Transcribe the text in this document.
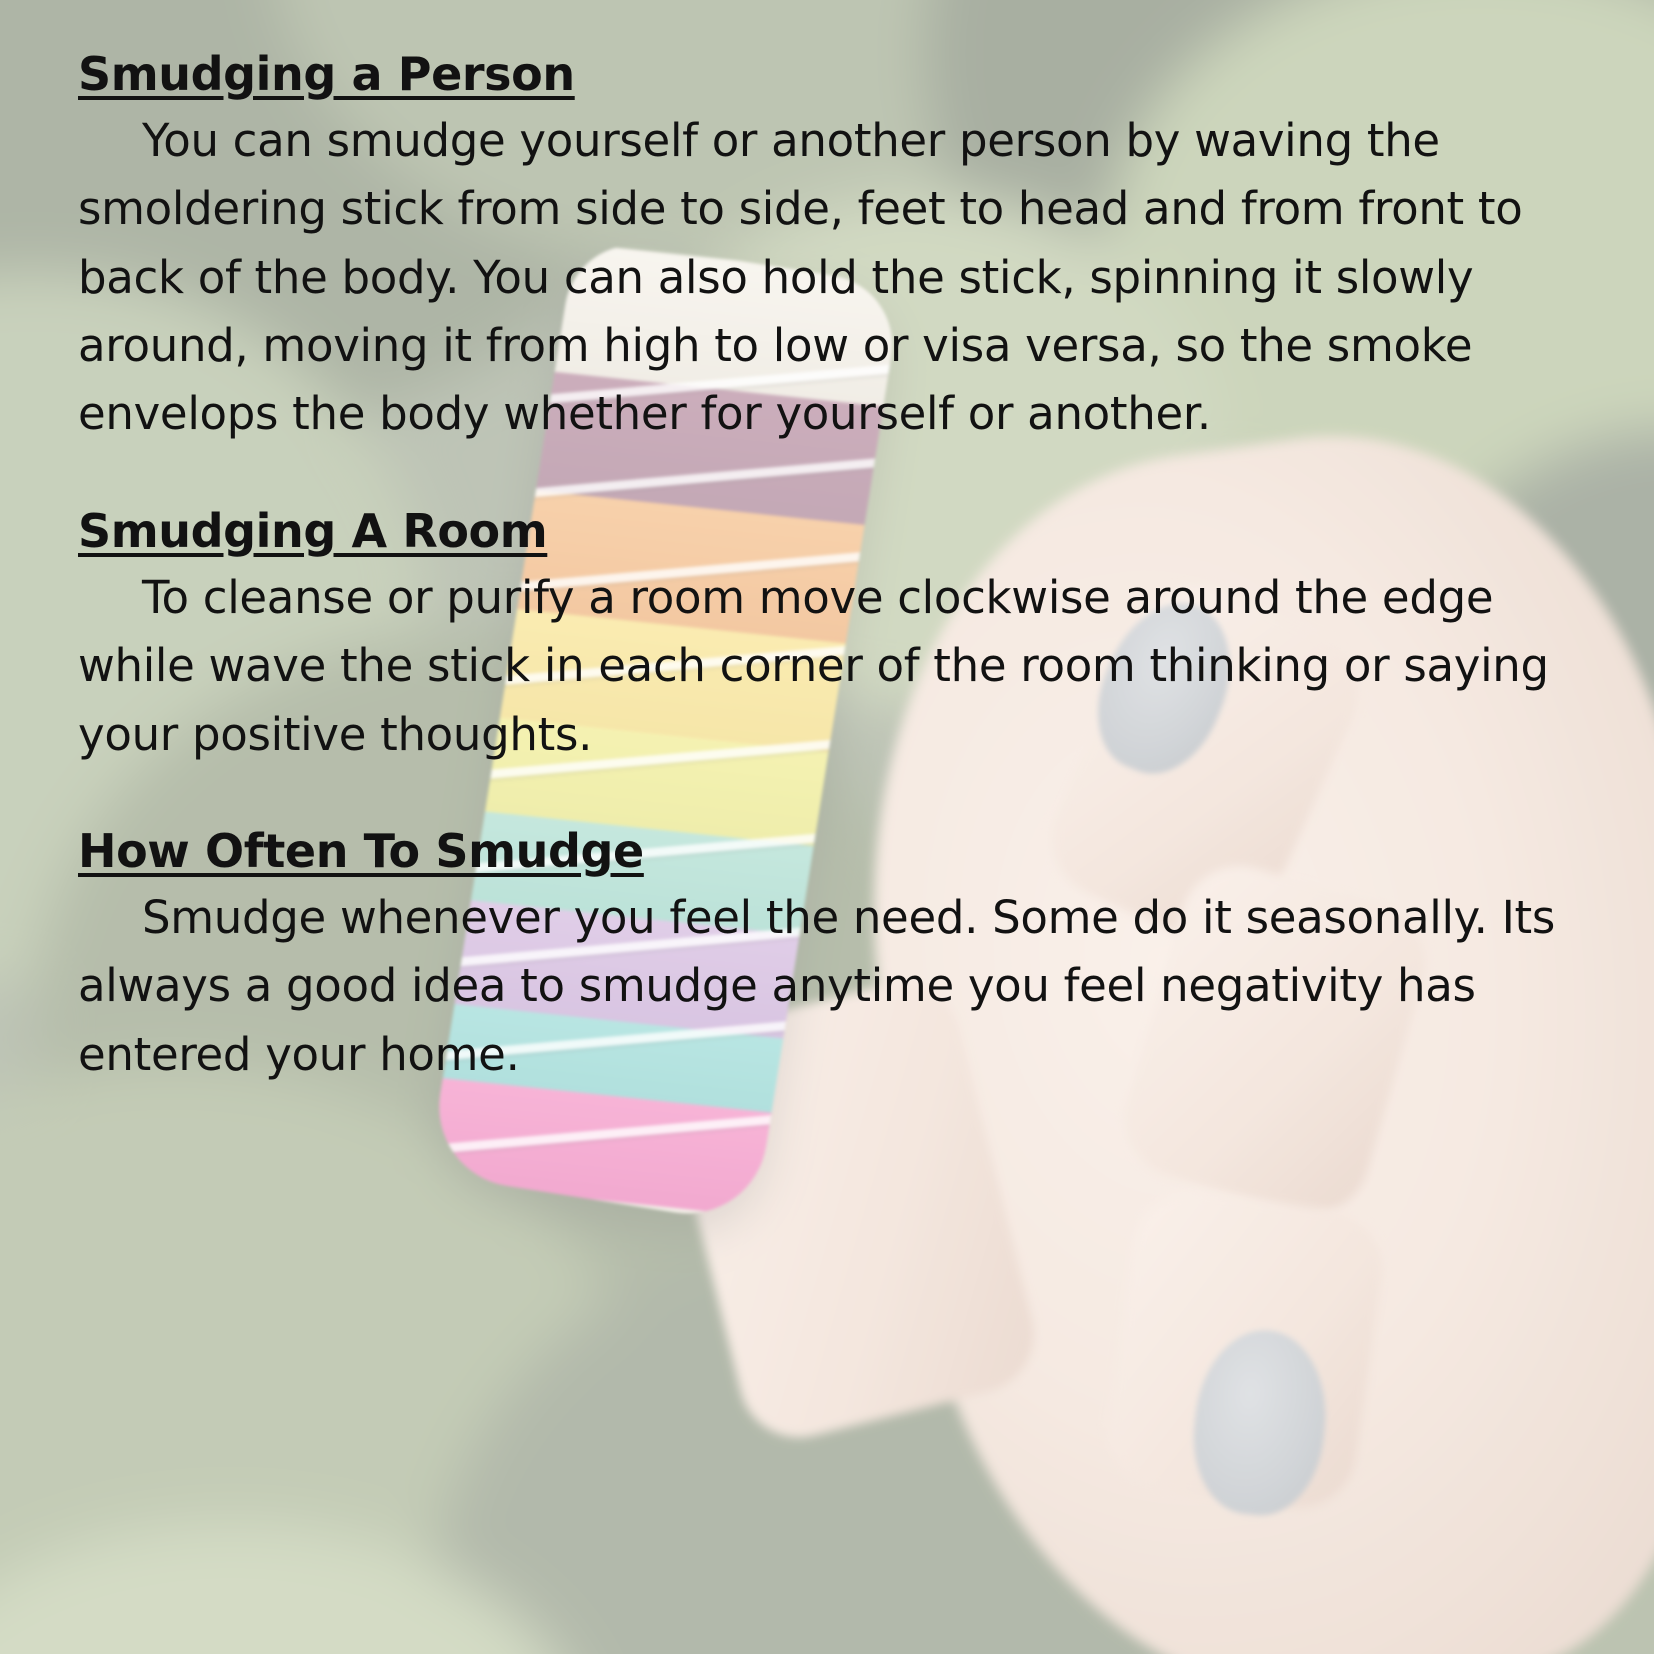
Smudging a Person

You can smudge yourself or another person by waving the smoldering stick from side to side, feet to head and from front to back of the body. You can also hold the stick, spinning it slowly around, moving it from high to low or visa versa, so the smoke envelops the body whether for yourself or another.

Smudging A Room

To cleanse or purify a room move clockwise around the edge while wave the stick in each corner of the room thinking or saying your positive thoughts.

How Often To Smudge

Smudge whenever you feel the need. Some do it seasonally. Its always a good idea to smudge anytime you feel negativity has entered your home.
